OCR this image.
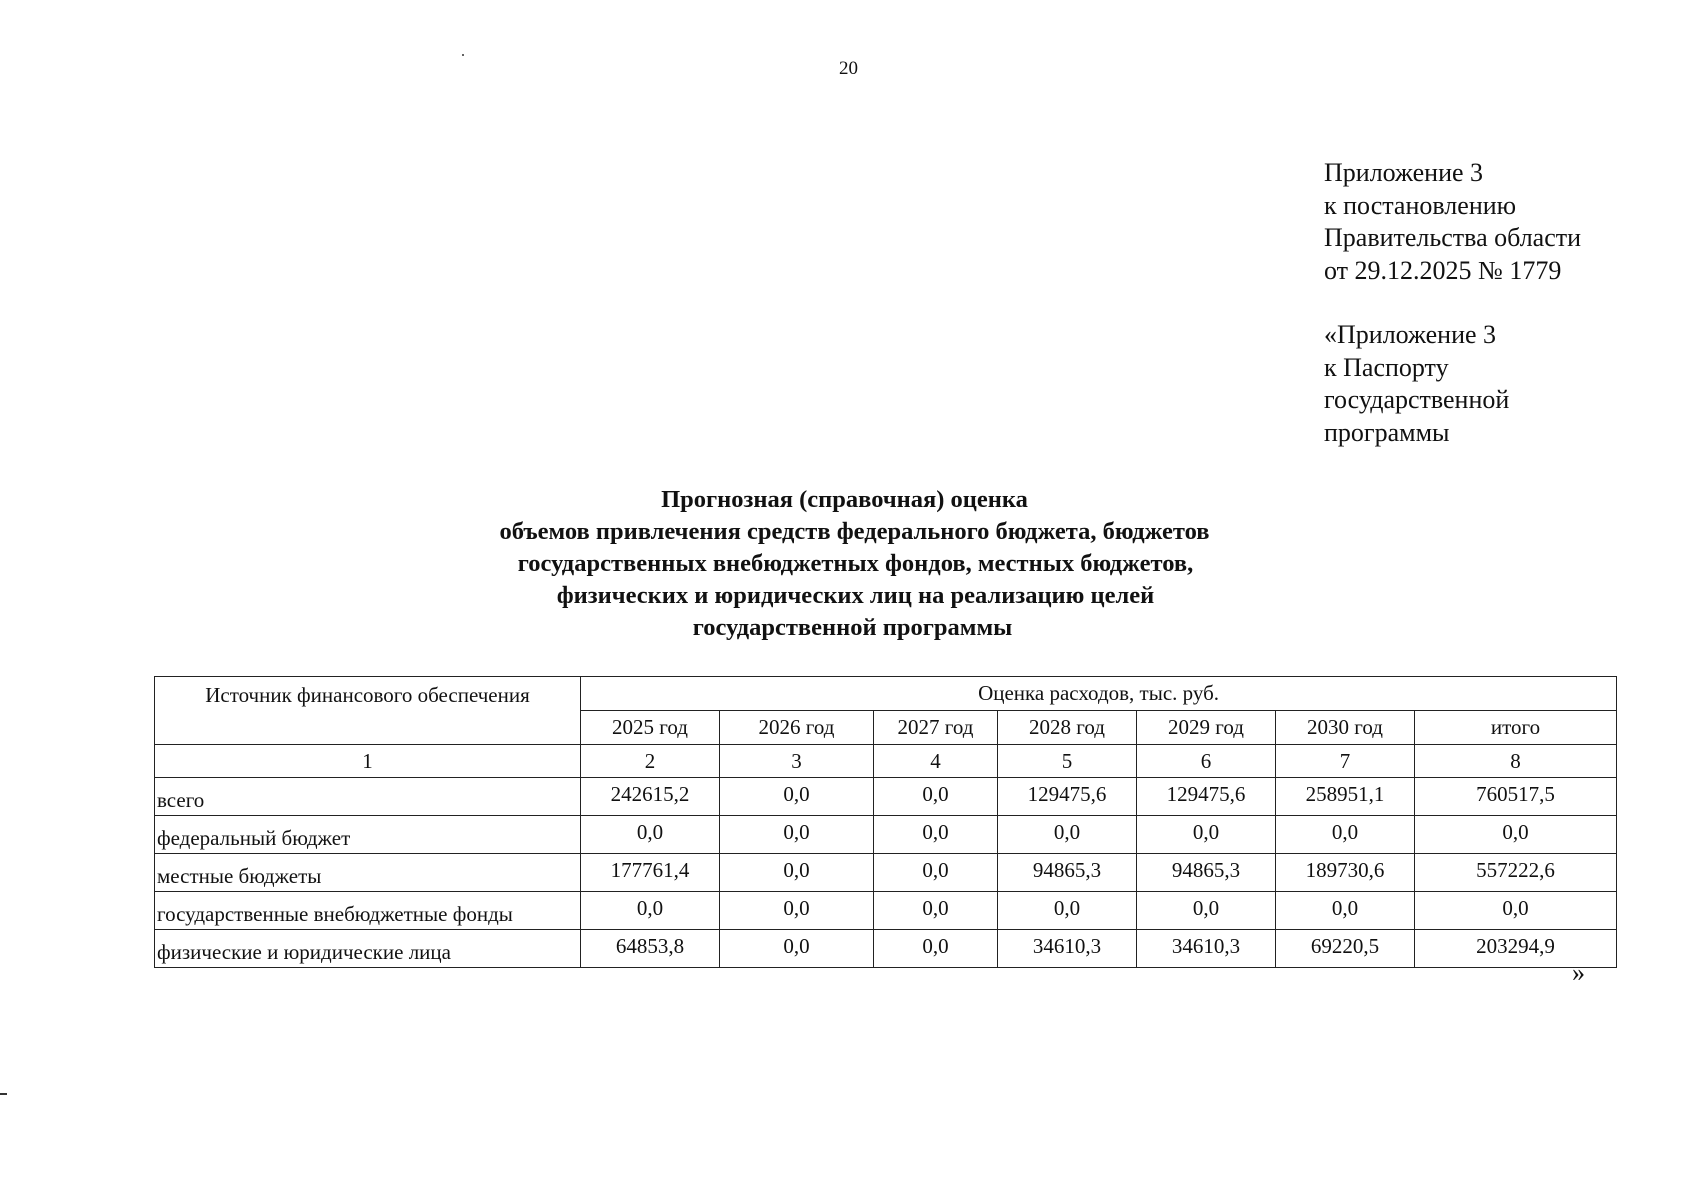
20
Приложение 3
к постановлению
Правительства области
от 29.12.2025 № 1779
«Приложение 3
к Паспорту
государственной
программы
Прогнозная (справочная) оценка
объемов привлечения средств федерального бюджета, бюджетов
государственных внебюджетных фондов, местных бюджетов,
физических и юридических лиц на реализацию целей
государственной программы
Источник финансового обеспечения	Оценка расходов, тыс. руб.						
	2025 год	2026 год	2027 год	2028 год	2029 год	2030 год	итого
1	2	3	4	5	6	7	8
всего	242615,2	0,0	0,0	129475,6	129475,6	258951,1	760517,5
федеральный бюджет	0,0	0,0	0,0	0,0	0,0	0,0	0,0
местные бюджеты	177761,4	0,0	0,0	94865,3	94865,3	189730,6	557222,6
государственные внебюджетные фонды	0,0	0,0	0,0	0,0	0,0	0,0	0,0
физические и юридические лица	64853,8	0,0	0,0	34610,3	34610,3	69220,5	203294,9
»
